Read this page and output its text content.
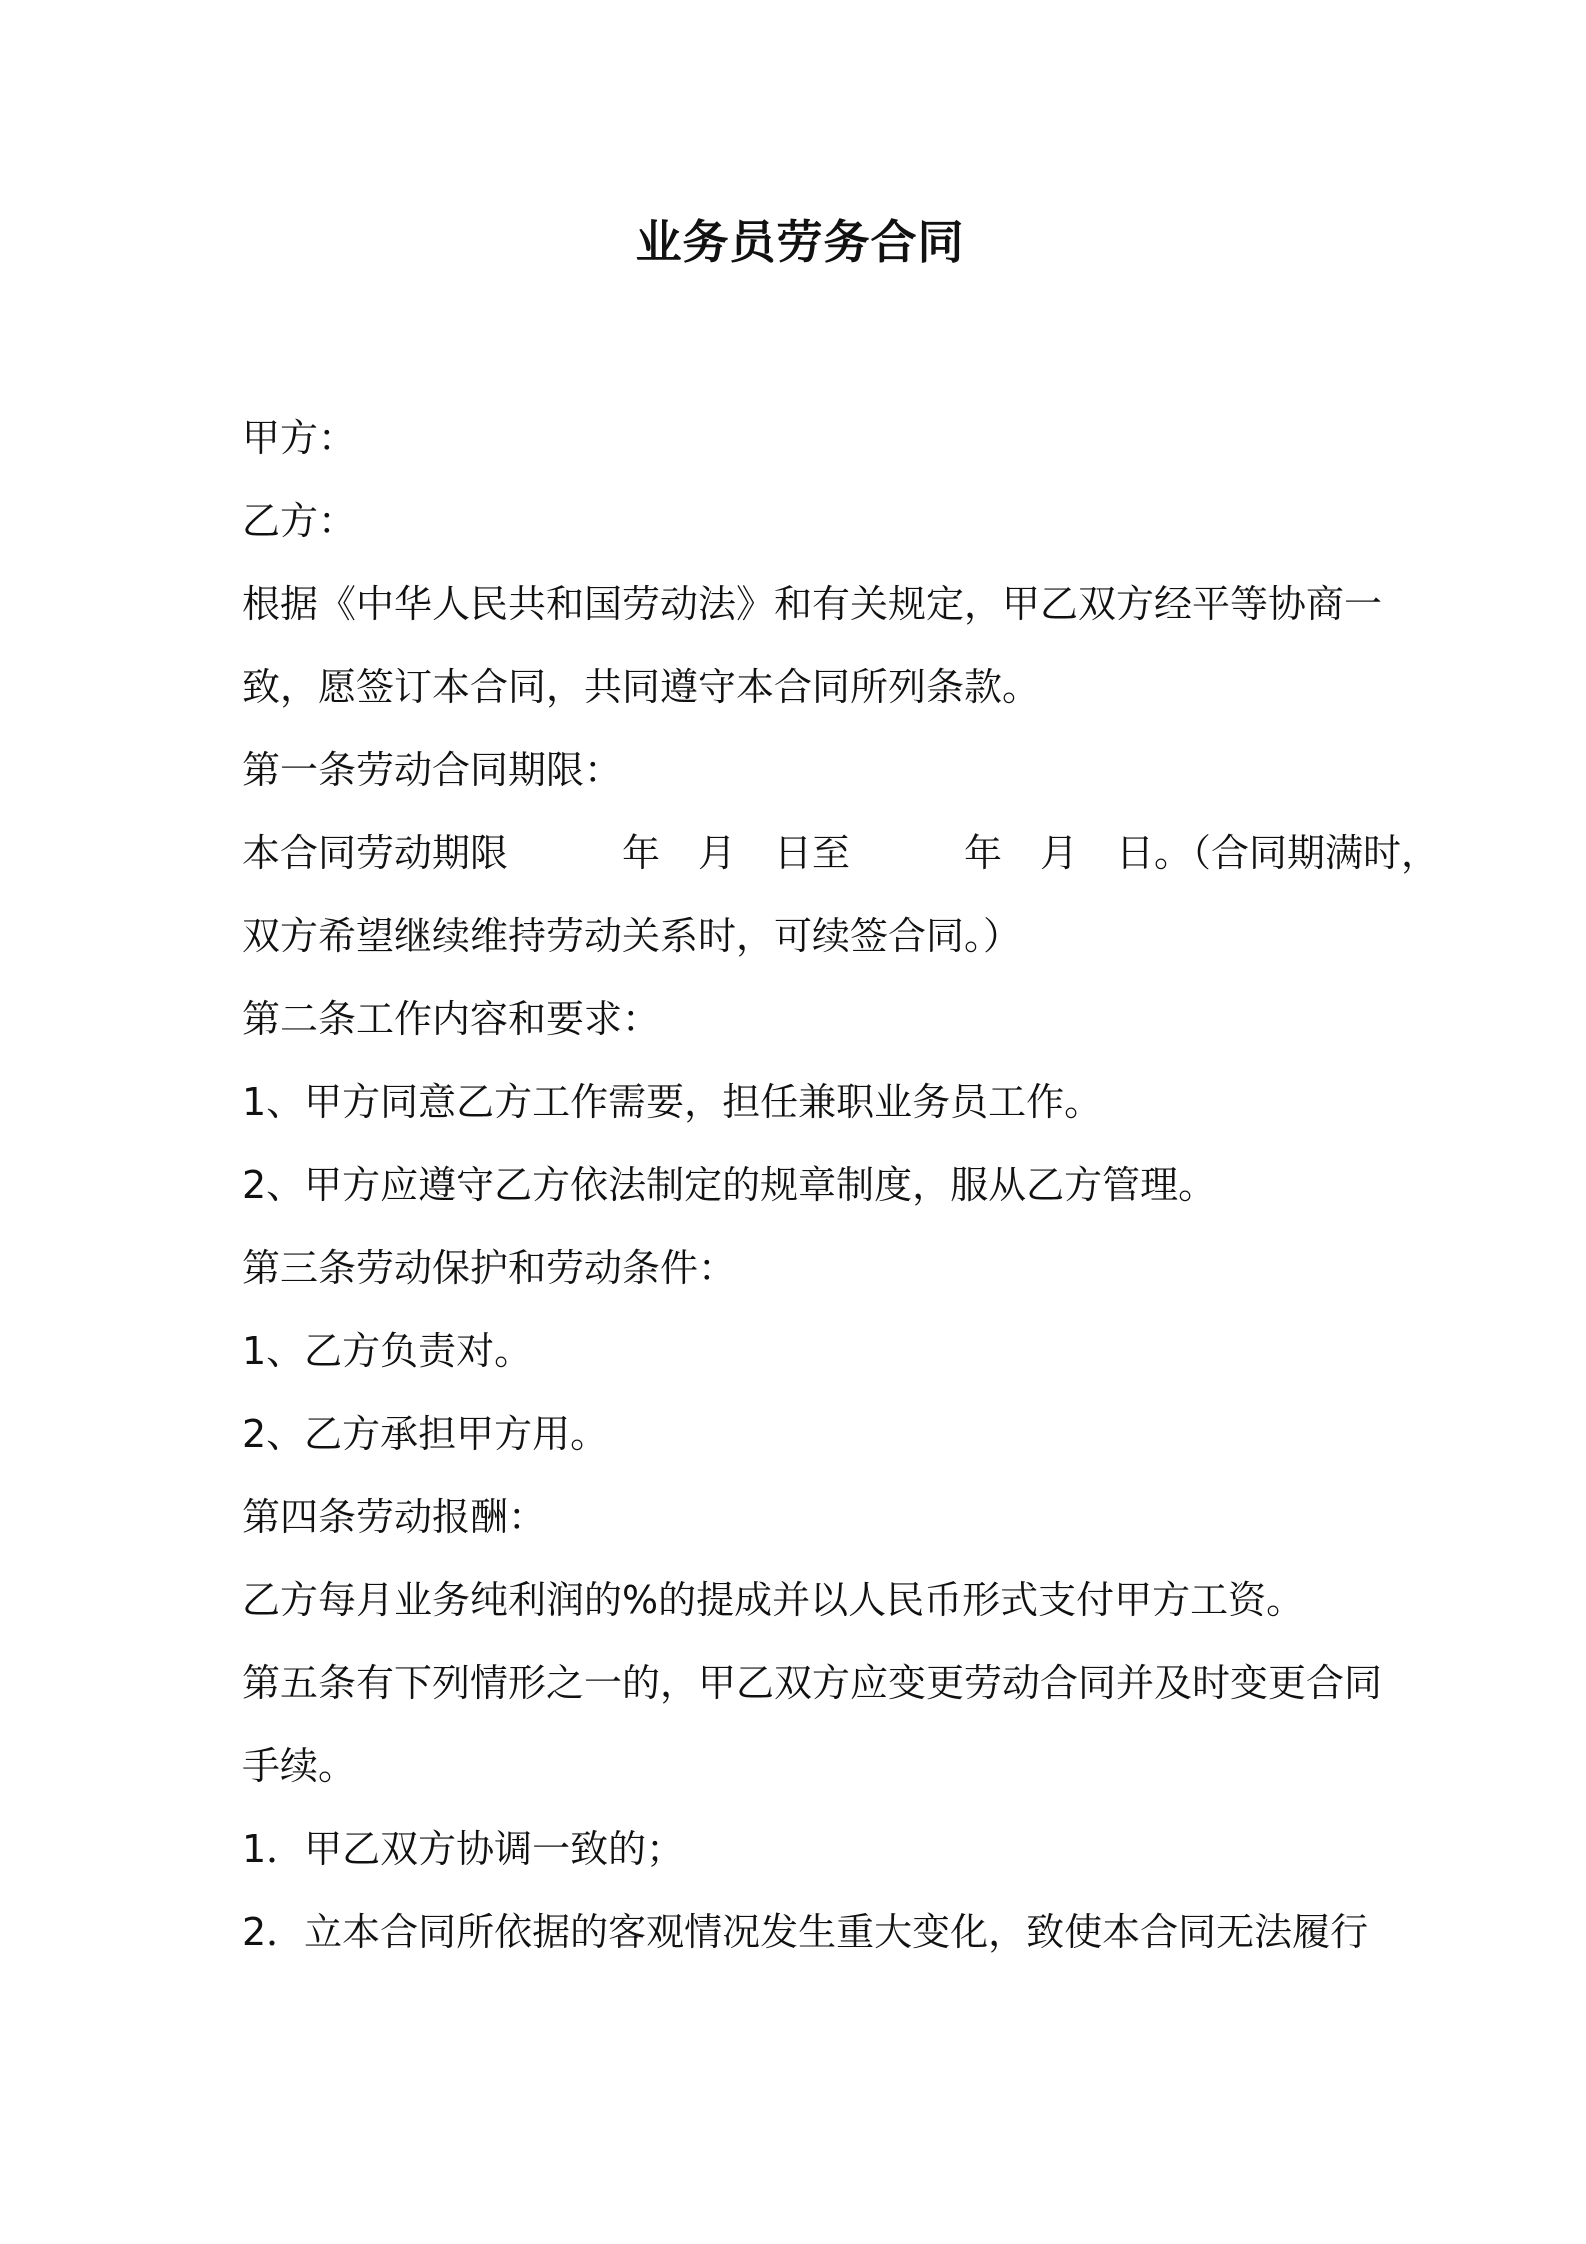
业务员劳务合同
甲方：
乙方：
根据《中华人民共和国劳动法》和有关规定，甲乙双方经平等协商一
致，愿签订本合同，共同遵守本合同所列条款。
第一条劳动合同期限：
本合同劳动期限　　　年　月　日至　　　年　月　日。（合同期满时，
双方希望继续维持劳动关系时，可续签合同。）
第二条工作内容和要求：
1、甲方同意乙方工作需要，担任兼职业务员工作。
2、甲方应遵守乙方依法制定的规章制度，服从乙方管理。
第三条劳动保护和劳动条件：
1、乙方负责对。
2、乙方承担甲方用。
第四条劳动报酬：
乙方每月业务纯利润的%的提成并以人民币形式支付甲方工资。
第五条有下列情形之一的，甲乙双方应变更劳动合同并及时变更合同
手续。
1．甲乙双方协调一致的；
2．立本合同所依据的客观情况发生重大变化，致使本合同无法履行
